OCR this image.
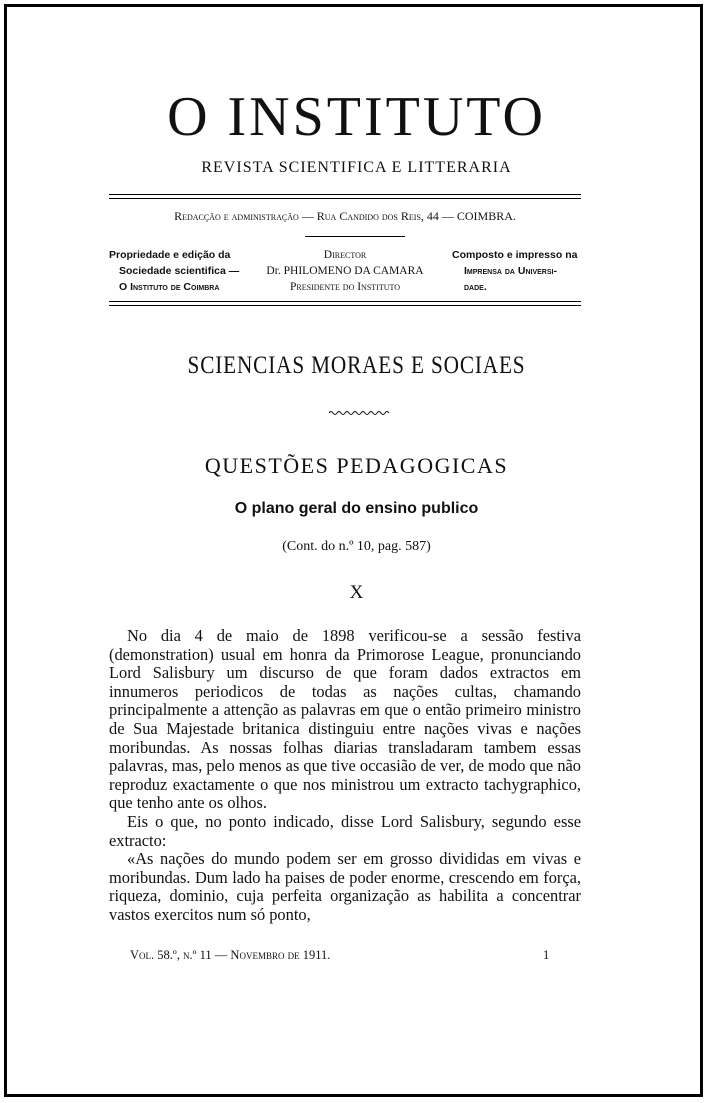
O INSTITUTO
REVISTA SCIENTIFICA E LITTERARIA
Redacção e administração — Rua Candido dos Reis, 44 — COIMBRA.
Propriedade e edição da
Sociedade scientifica —
O Instituto de Coimbra
Director
Dr. PHILOMENO DA CAMARA
Presidente do Instituto
Composto e impresso na
Imprensa da Universi-
dade.
SCIENCIAS MORAES E SOCIAES
QUESTÕES PEDAGOGICAS
O plano geral do ensino publico
(Cont. do n.º 10, pag. 587)
X

No dia 4 de maio de 1898 verificou-se a sessão festiva (demonstration) usual em honra da Primorose League, pronunciando Lord Salisbury um discurso de que foram dados extractos em innumeros periodicos de todas as nações cultas, chamando principalmente a attenção as palavras em que o então primeiro ministro de Sua Majestade britanica distinguiu entre nações vivas e nações moribundas. As nossas folhas diarias transladaram tambem essas palavras, mas, pelo menos as que tive occasião de ver, de modo que não reproduz exactamente o que nos ministrou um extracto tachygraphico, que tenho ante os olhos.

Eis o que, no ponto indicado, disse Lord Salisbury, segundo esse extracto:

«As nações do mundo podem ser em grosso divididas em vivas e moribundas. Dum lado ha paises de poder enorme, crescendo em força, riqueza, dominio, cuja perfeita organização as habilita a concentrar vastos exercitos num só ponto,

Vol. 58.º, n.º 11 — Novembro de 1911.	1
